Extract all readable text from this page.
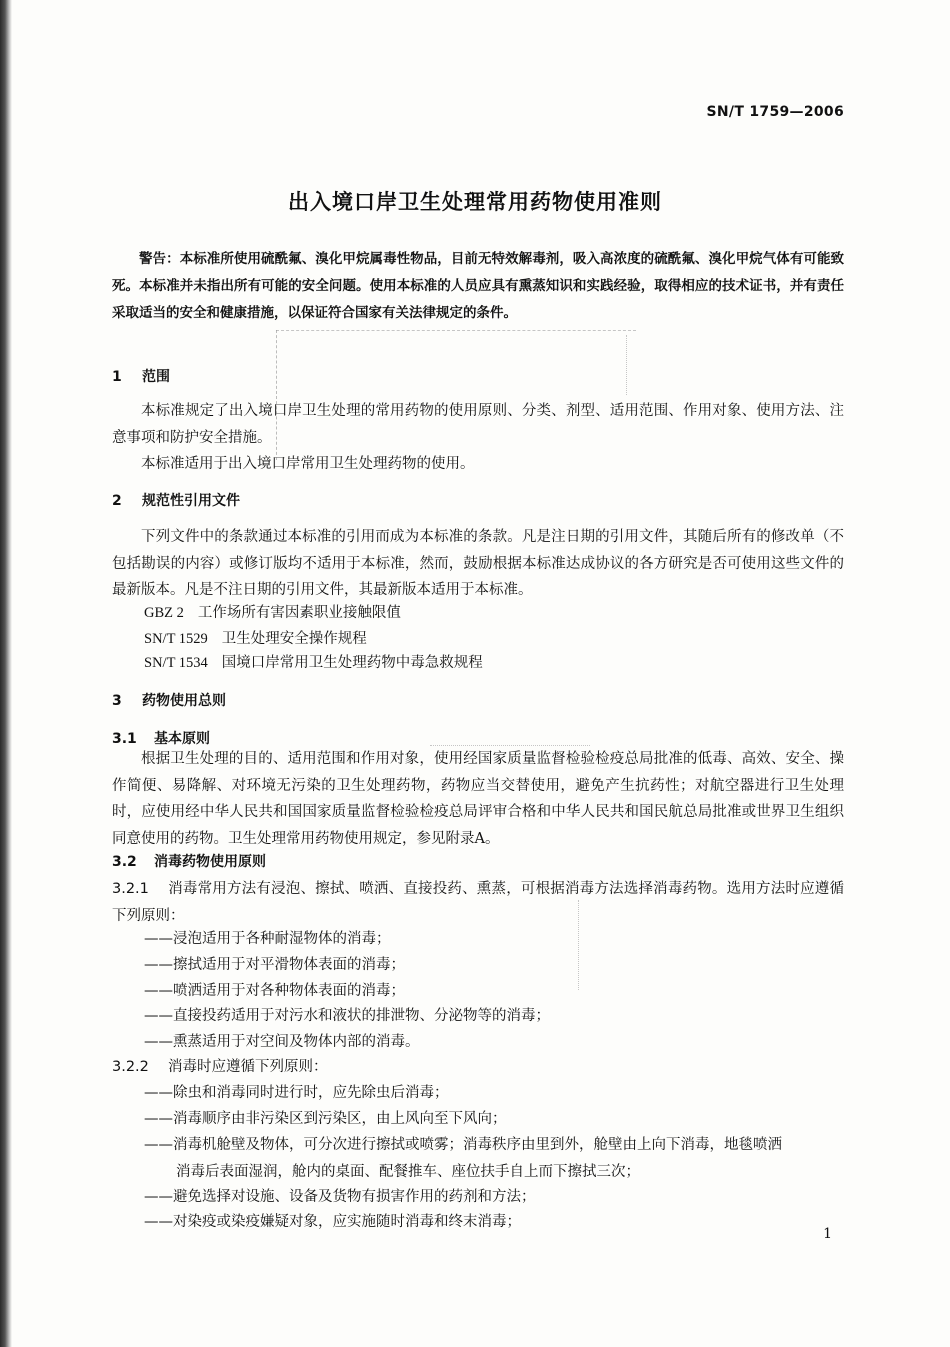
SN/T 1759—2006
出入境口岸卫生处理常用药物使用准则

警告：本标准所使用硫酰氟、溴化甲烷属毒性物品，目前无特效解毒剂，吸入高浓度的硫酰氟、溴化甲烷气体有可能致死。本标准并未指出所有可能的安全问题。使用本标准的人员应具有熏蒸知识和实践经验，取得相应的技术证书，并有责任采取适当的安全和健康措施，以保证符合国家有关法律规定的条件。

1 范围

本标准规定了出入境口岸卫生处理的常用药物的使用原则、分类、剂型、适用范围、作用对象、使用方法、注意事项和防护安全措施。

本标准适用于出入境口岸常用卫生处理药物的使用。

2 规范性引用文件

下列文件中的条款通过本标准的引用而成为本标准的条款。凡是注日期的引用文件，其随后所有的修改单（不包括勘误的内容）或修订版均不适用于本标准，然而，鼓励根据本标准达成协议的各方研究是否可使用这些文件的最新版本。凡是不注日期的引用文件，其最新版本适用于本标准。

GBZ 2 工作场所有害因素职业接触限值

SN/T 1529 卫生处理安全操作规程

SN/T 1534 国境口岸常用卫生处理药物中毒急救规程

3 药物使用总则

3.1 基本原则

根据卫生处理的目的、适用范围和作用对象，使用经国家质量监督检验检疫总局批准的低毒、高效、安全、操作简便、易降解、对环境无污染的卫生处理药物，药物应当交替使用，避免产生抗药性；对航空器进行卫生处理时，应使用经中华人民共和国国家质量监督检验检疫总局评审合格和中华人民共和国民航总局批准或世界卫生组织同意使用的药物。卫生处理常用药物使用规定，参见附录A。

3.2 消毒药物使用原则

3.2.1 消毒常用方法有浸泡、擦拭、喷洒、直接投药、熏蒸，可根据消毒方法选择消毒药物。选用方法时应遵循下列原则：

——浸泡适用于各种耐湿物体的消毒；

——擦拭适用于对平滑物体表面的消毒；

——喷洒适用于对各种物体表面的消毒；

——直接投药适用于对污水和液状的排泄物、分泌物等的消毒；

——熏蒸适用于对空间及物体内部的消毒。

3.2.2 消毒时应遵循下列原则：

——除虫和消毒同时进行时，应先除虫后消毒；

——消毒顺序由非污染区到污染区，由上风向至下风向；

——消毒机舱壁及物体，可分次进行擦拭或喷雾；消毒秩序由里到外，舱壁由上向下消毒，地毯喷洒
消毒后表面湿润，舱内的桌面、配餐推车、座位扶手自上而下擦拭三次；

——避免选择对设施、设备及货物有损害作用的药剂和方法；

——对染疫或染疫嫌疑对象，应实施随时消毒和终末消毒；

1
